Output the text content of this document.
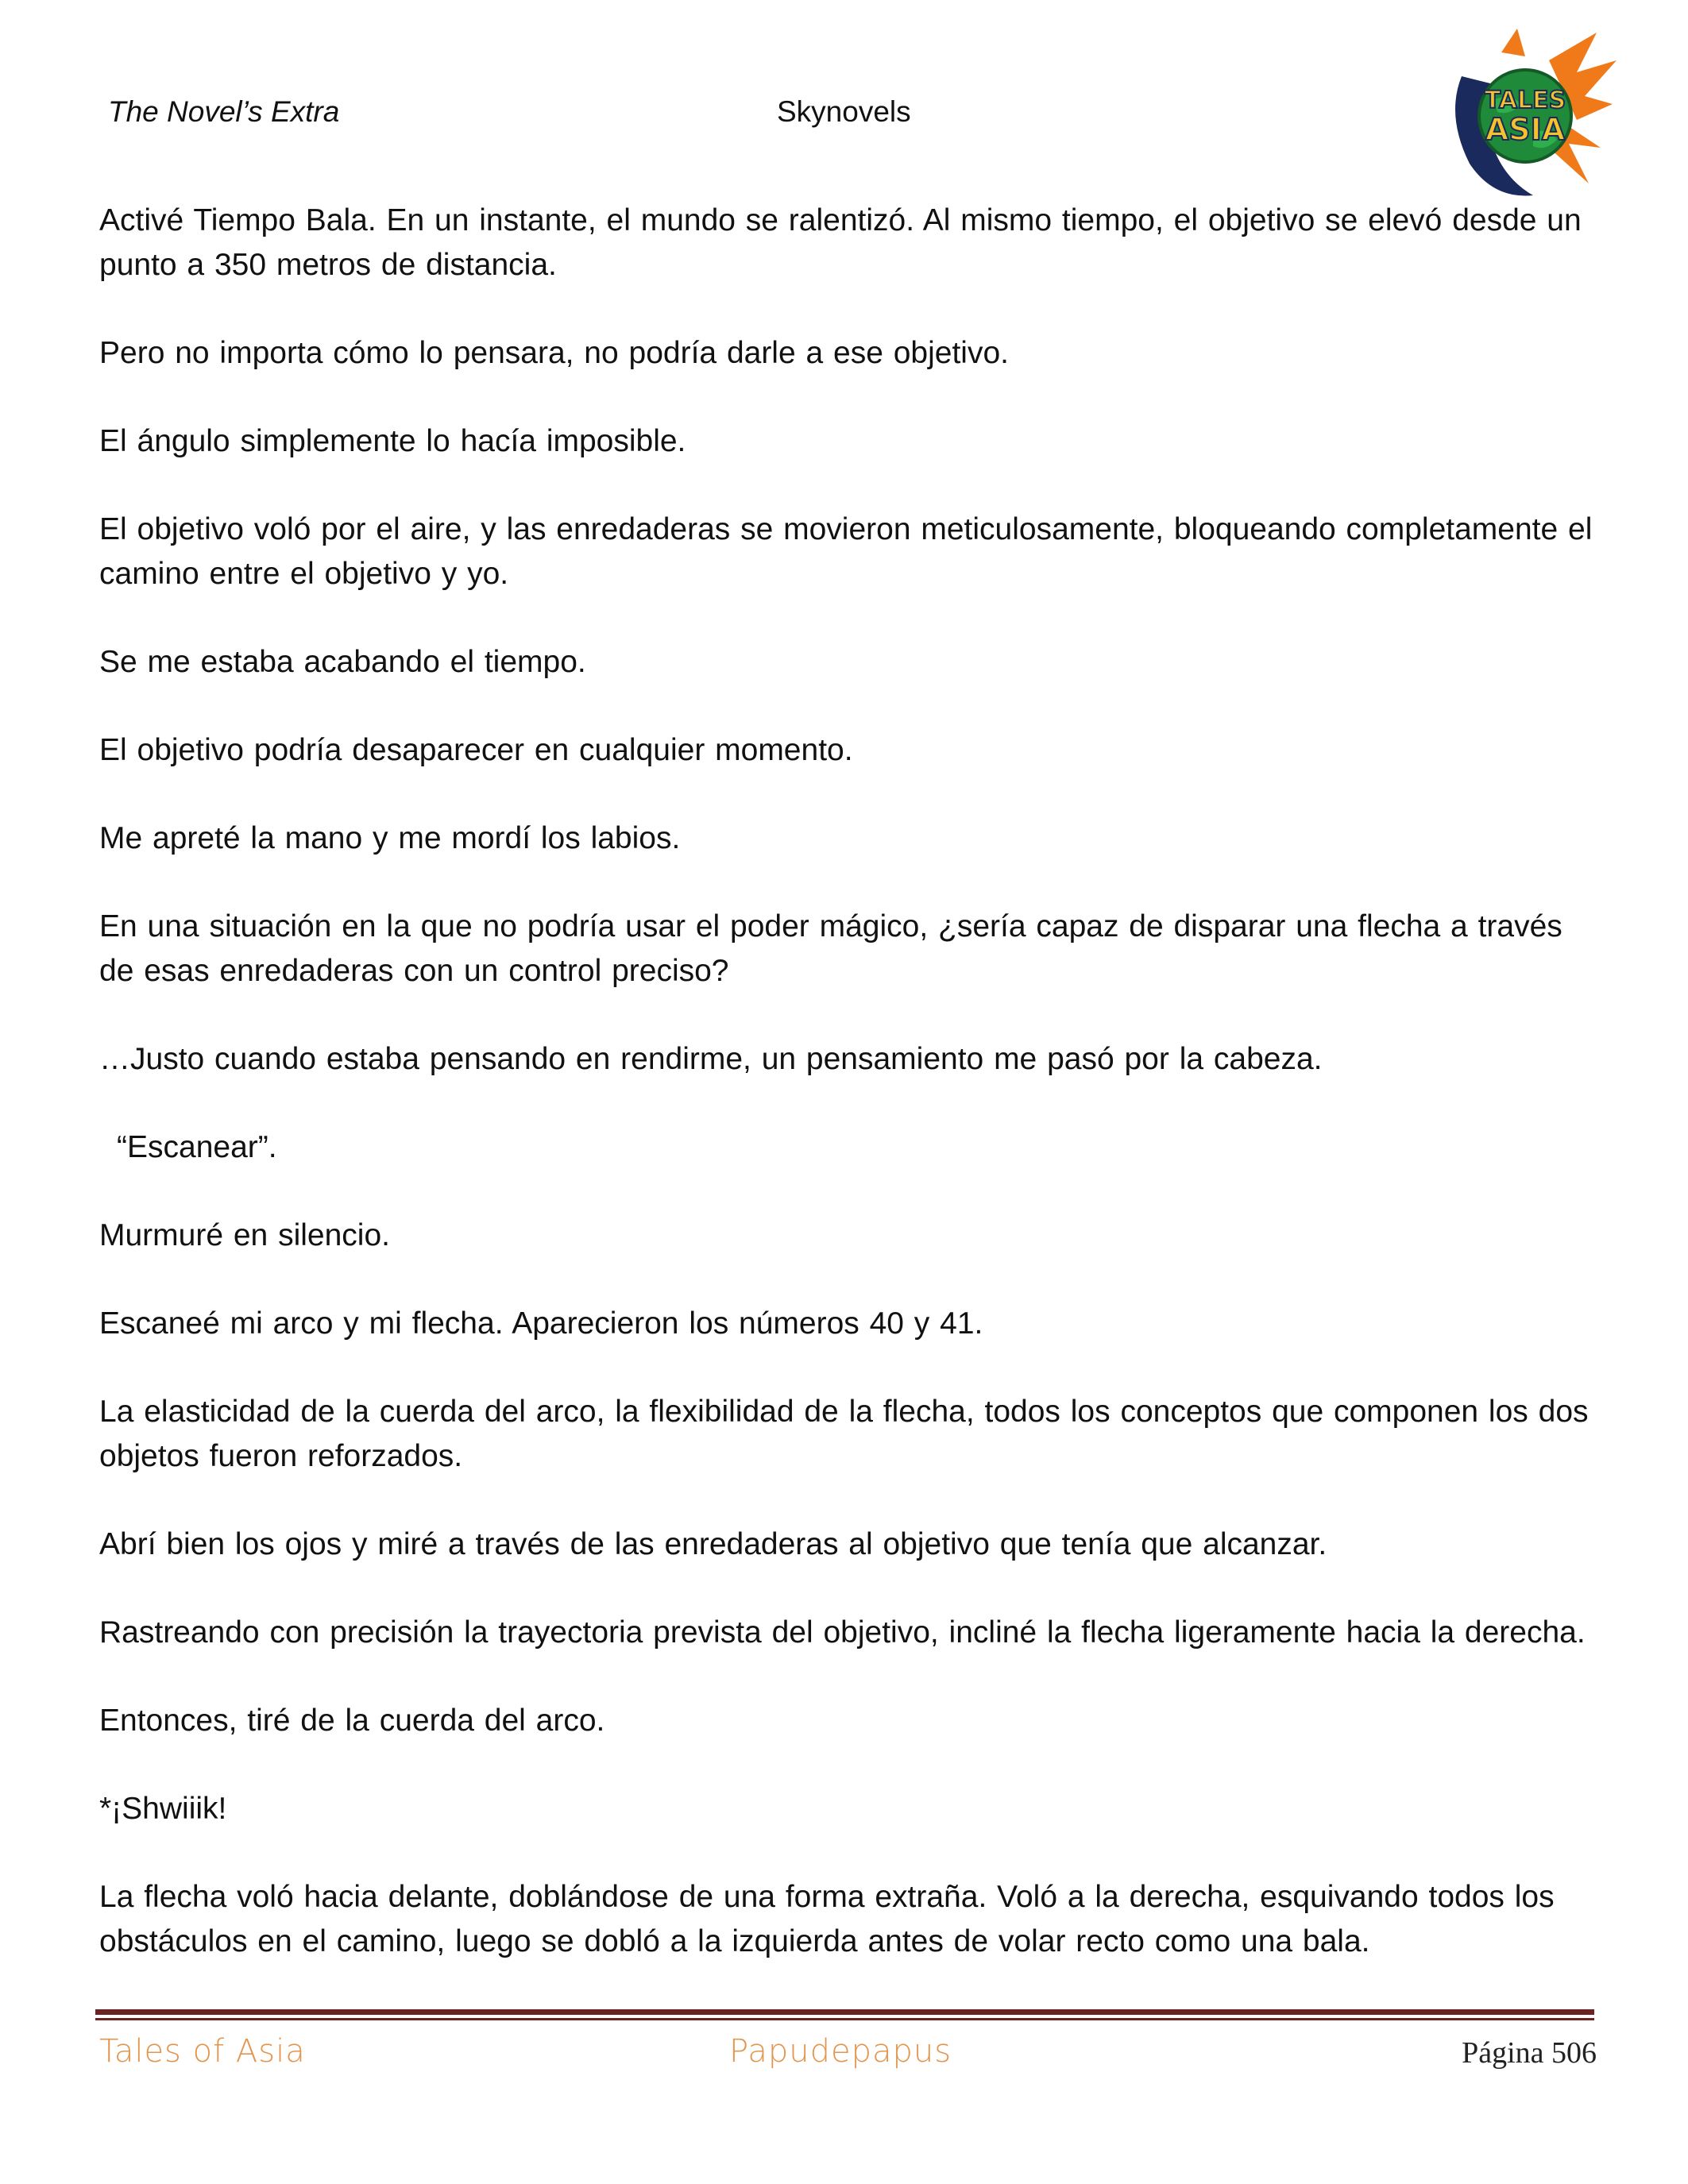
The Novel’s Extra	Skynovels	TALES
ASIA

Activé Tiempo Bala. En un instante, el mundo se ralentizó. Al mismo tiempo, el objetivo se elevó desde un punto a 350 metros de distancia.

Pero no importa cómo lo pensara, no podría darle a ese objetivo.

El ángulo simplemente lo hacía imposible.

El objetivo voló por el aire, y las enredaderas se movieron meticulosamente, bloqueando completamente el camino entre el objetivo y yo.

Se me estaba acabando el tiempo.

El objetivo podría desaparecer en cualquier momento.

Me apreté la mano y me mordí los labios.

En una situación en la que no podría usar el poder mágico, ¿sería capaz de disparar una flecha a través de esas enredaderas con un control preciso?

…Justo cuando estaba pensando en rendirme, un pensamiento me pasó por la cabeza.

“Escanear”.

Murmuré en silencio.

Escaneé mi arco y mi flecha. Aparecieron los números 40 y 41.

La elasticidad de la cuerda del arco, la flexibilidad de la flecha, todos los conceptos que componen los dos objetos fueron reforzados.

Abrí bien los ojos y miré a través de las enredaderas al objetivo que tenía que alcanzar.

Rastreando con precisión la trayectoria prevista del objetivo, incliné la flecha ligeramente hacia la derecha.

Entonces, tiré de la cuerda del arco.

*¡Shwiiik!

La flecha voló hacia delante, doblándose de una forma extraña. Voló a la derecha, esquivando todos los obstáculos en el camino, luego se dobló a la izquierda antes de volar recto como una bala.

Tales of Asia	Papudepapus	Página 506
